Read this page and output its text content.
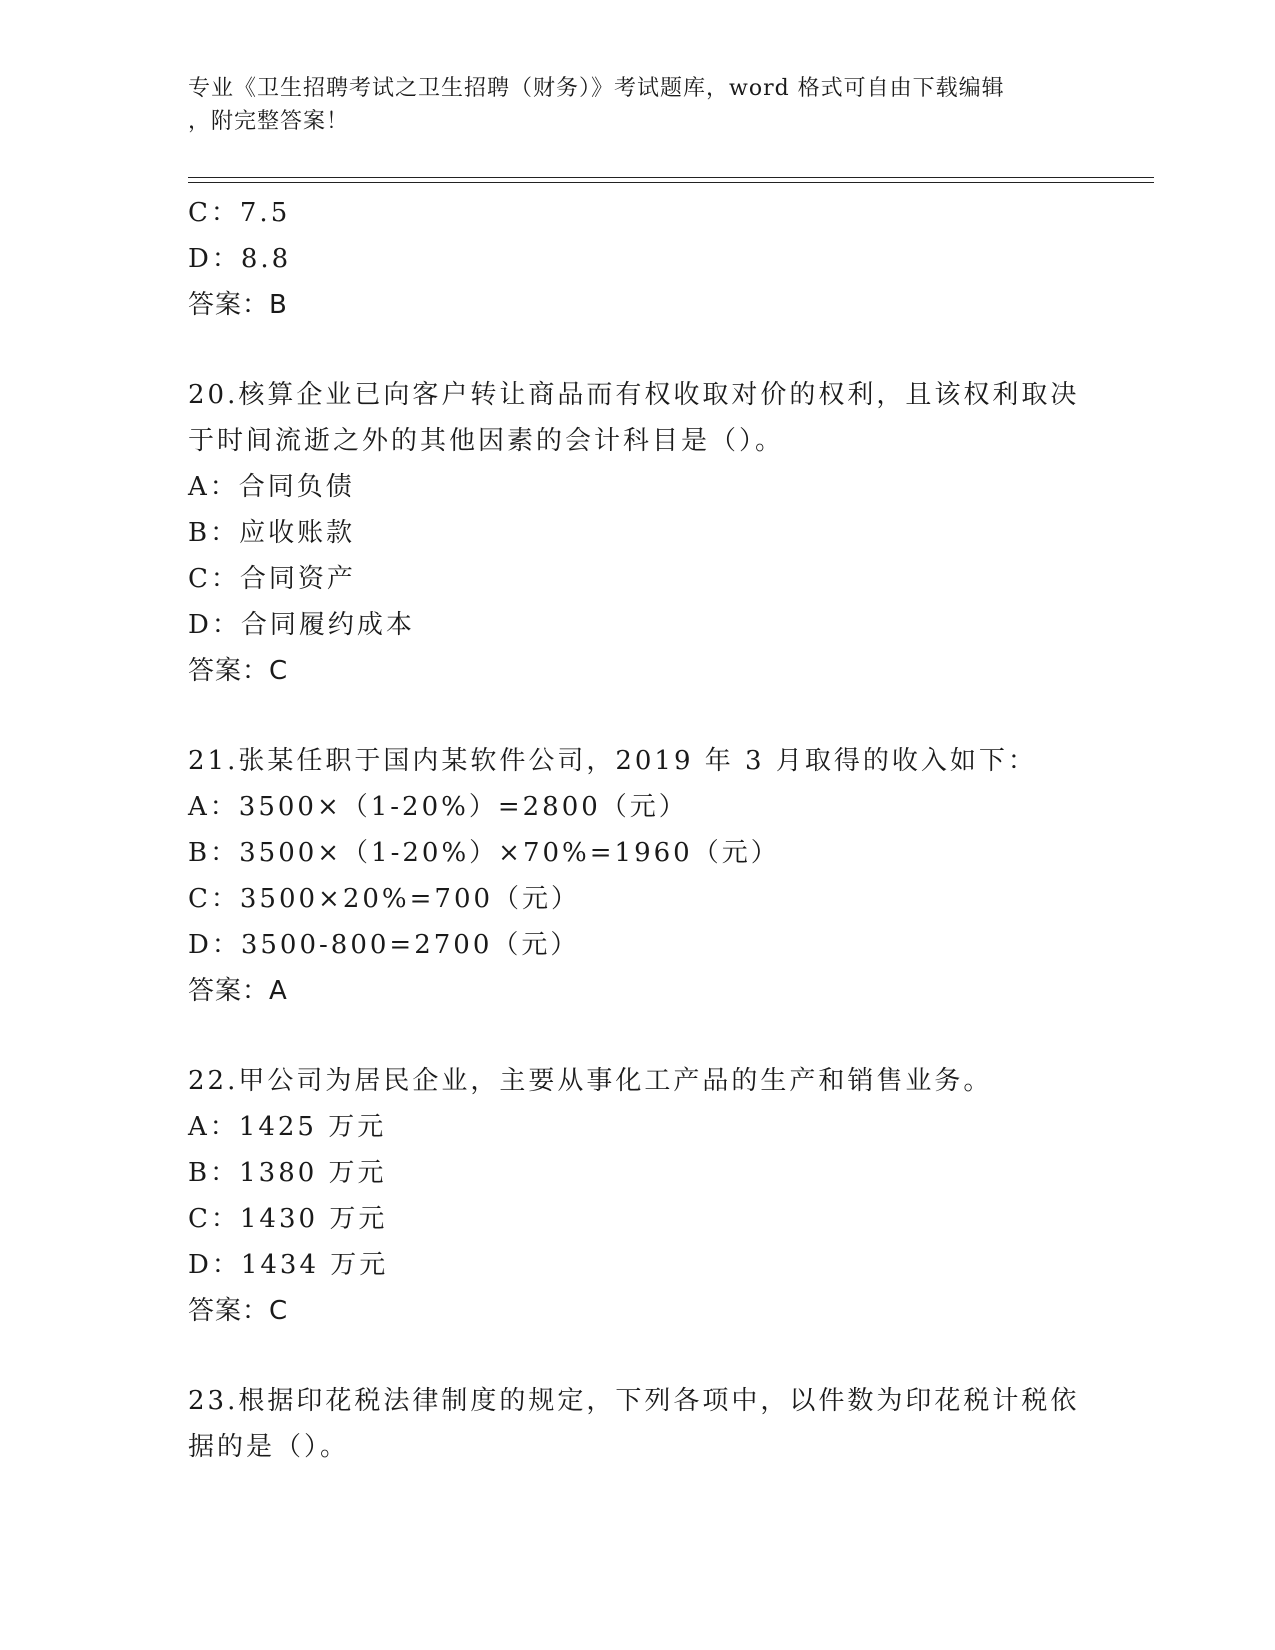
专业《卫生招聘考试之卫生招聘（财务）》考试题库，word 格式可自由下载编辑
，附完整答案！
C：7.5
D：8.8
答案：B
20.核算企业已向客户转让商品而有权收取对价的权利，且该权利取决
于时间流逝之外的其他因素的会计科目是（）。
A：合同负债
B：应收账款
C：合同资产
D：合同履约成本
答案：C
21.张某任职于国内某软件公司，2019 年 3 月取得的收入如下：
A：3500×（1-20%）=2800（元）
B：3500×（1-20%）×70%=1960（元）
C：3500×20%=700（元）
D：3500-800=2700（元）
答案：A
22.甲公司为居民企业，主要从事化工产品的生产和销售业务。
A：1425 万元
B：1380 万元
C：1430 万元
D：1434 万元
答案：C
23.根据印花税法律制度的规定，下列各项中，以件数为印花税计税依
据的是（）。
